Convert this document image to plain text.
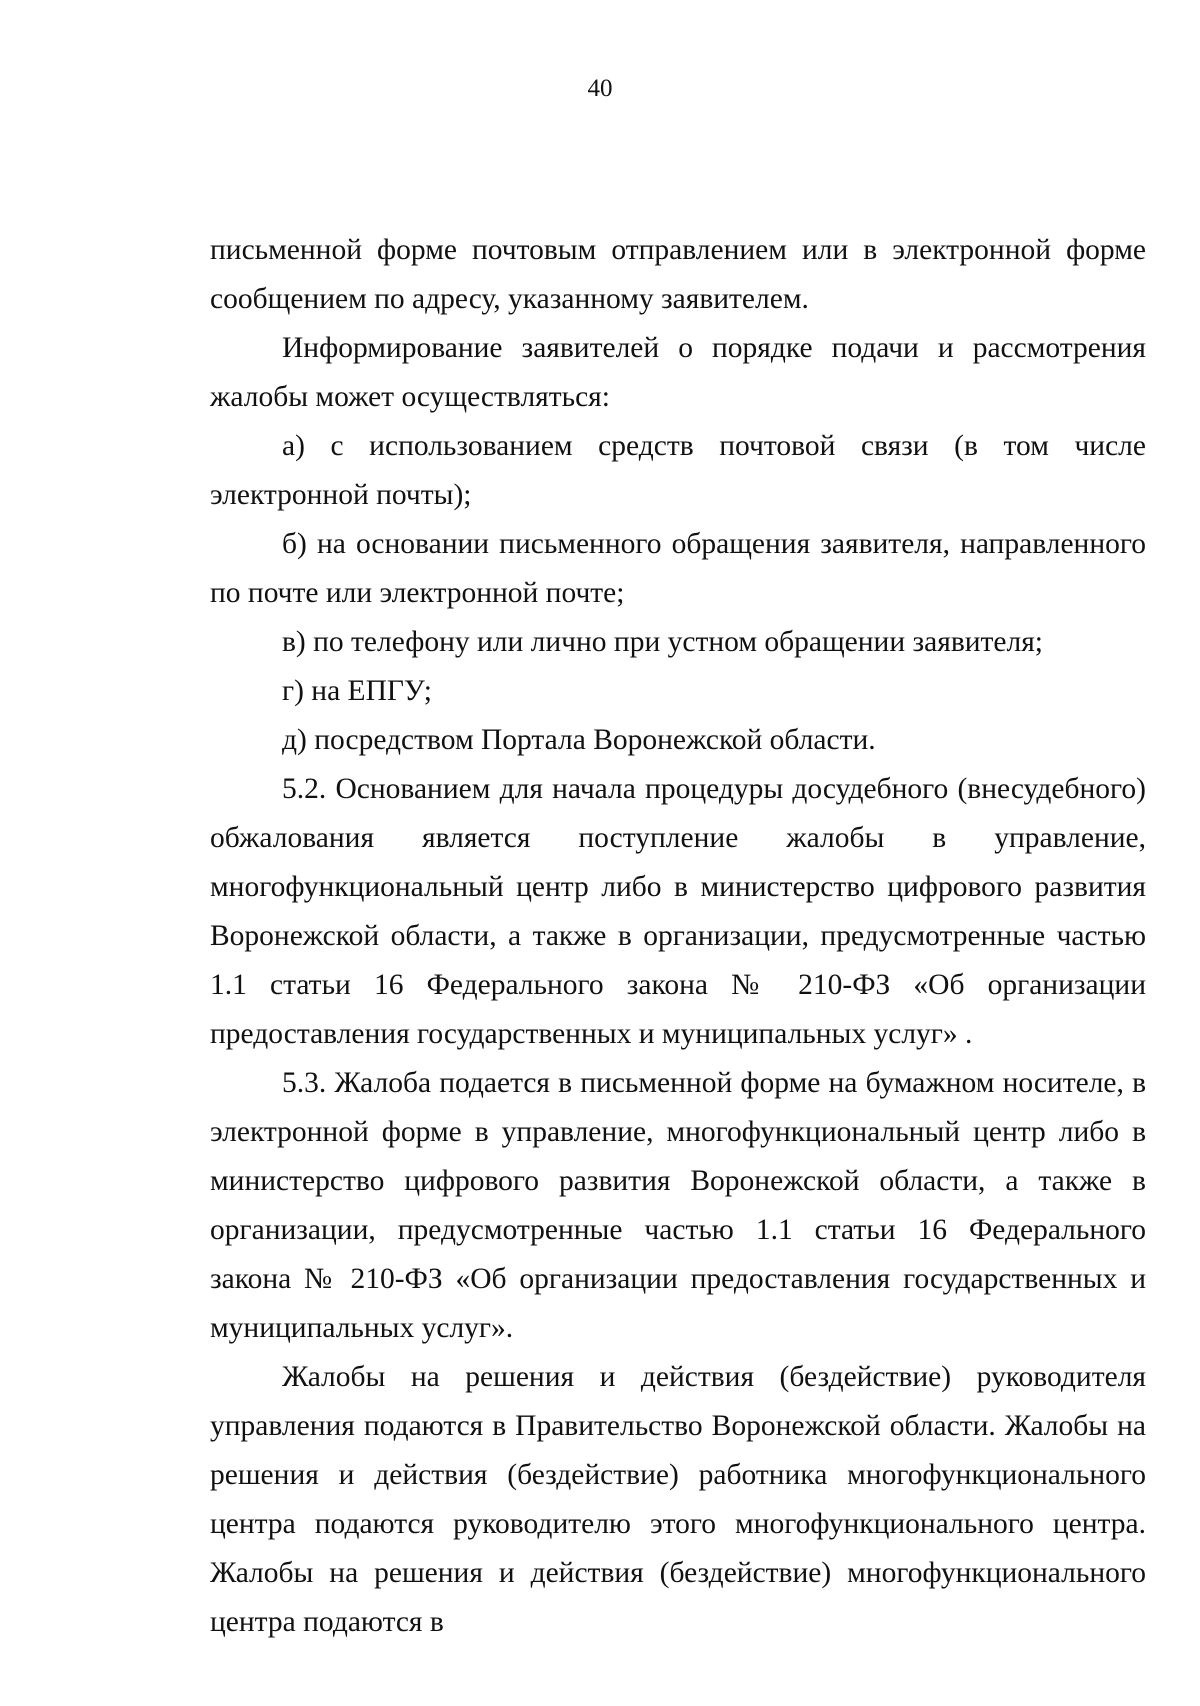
40

письменной форме почтовым отправлением или в электронной форме сообщением по адресу, указанному заявителем.

Информирование заявителей о порядке подачи и рассмотрения жалобы может осуществляться:

а) с использованием средств почтовой связи (в том числе электронной почты);

б) на основании письменного обращения заявителя, направленного по почте или электронной почте;

в) по телефону или лично при устном обращении заявителя;

г) на ЕПГУ;

д) посредством Портала Воронежской области.

5.2. Основанием для начала процедуры досудебного (внесудебного) обжалования является поступление жалобы в управление, многофункциональный центр либо в министерство цифрового развития Воронежской области, а также в организации, предусмотренные частью 1.1 статьи 16 Федерального закона № 210-ФЗ «Об организации предоставления государственных и муниципальных услуг» .

5.3. Жалоба подается в письменной форме на бумажном носителе, в электронной форме в управление, многофункциональный центр либо в министерство цифрового развития Воронежской области, а также в организации, предусмотренные частью 1.1 статьи 16 Федерального закона № 210-ФЗ «Об организации предоставления государственных и муниципальных услуг».

Жалобы на решения и действия (бездействие) руководителя управления подаются в Правительство Воронежской области. Жалобы на решения и действия (бездействие) работника многофункционального центра подаются руководителю этого многофункционального центра. Жалобы на решения и действия (бездействие) многофункционального центра подаются в
